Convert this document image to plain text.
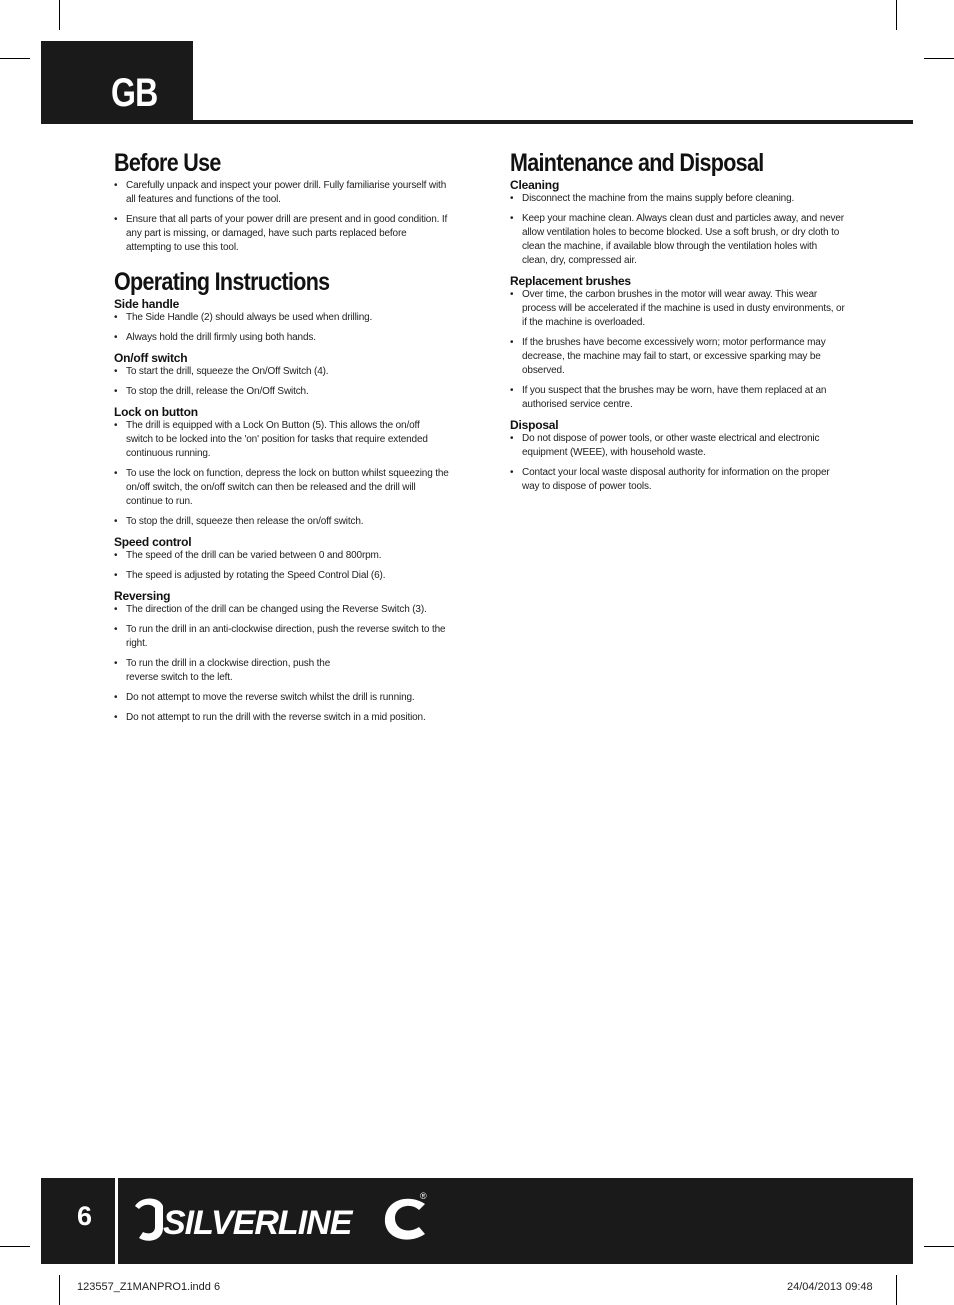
GB
Before Use
• Carefully unpack and inspect your power drill. Fully familiarise yourself with all features and functions of the tool.
• Ensure that all parts of your power drill are present and in good condition. If any part is missing, or damaged, have such parts replaced before attempting to use this tool.
Operating Instructions
Side handle
• The Side Handle (2) should always be used when drilling.
• Always hold the drill firmly using both hands.
On/off switch
• To start the drill, squeeze the On/Off Switch (4).
• To stop the drill, release the On/Off Switch.
Lock on button
• The drill is equipped with a Lock On Button (5). This allows the on/off switch to be locked into the 'on' position for tasks that require extended continuous running.
• To use the lock on function, depress the lock on button whilst squeezing the on/off switch, the on/off switch can then be released and the drill will continue to run.
• To stop the drill, squeeze then release the on/off switch.
Speed control
• The speed of the drill can be varied between 0 and 800rpm.
• The speed is adjusted by rotating the Speed Control Dial (6).
Reversing
• The direction of the drill can be changed using the Reverse Switch (3).
• To run the drill in an anti-clockwise direction, push the reverse switch to the right.
• To run the drill in a clockwise direction, push the reverse switch to the left.
• Do not attempt to move the reverse switch whilst the drill is running.
• Do not attempt to run the drill with the reverse switch in a mid position.
Maintenance and Disposal
Cleaning
• Disconnect the machine from the mains supply before cleaning.
• Keep your machine clean. Always clean dust and particles away, and never allow ventilation holes to become blocked. Use a soft brush, or dry cloth to clean the machine, if available blow through the ventilation holes with clean, dry, compressed air.
Replacement brushes
• Over time, the carbon brushes in the motor will wear away. This wear process will be accelerated if the machine is used in dusty environments, or if the machine is overloaded.
• If the brushes have become excessively worn; motor performance may decrease, the machine may fail to start, or excessive sparking may be observed.
• If you suspect that the brushes may be worn, have them replaced at an authorised service centre.
Disposal
• Do not dispose of power tools, or other waste electrical and electronic equipment (WEEE), with household waste.
• Contact your local waste disposal authority for information on the proper way to dispose of power tools.
6 SILVERLINE
®
123557_Z1MANPRO1.indd 6	24/04/2013 09:48
